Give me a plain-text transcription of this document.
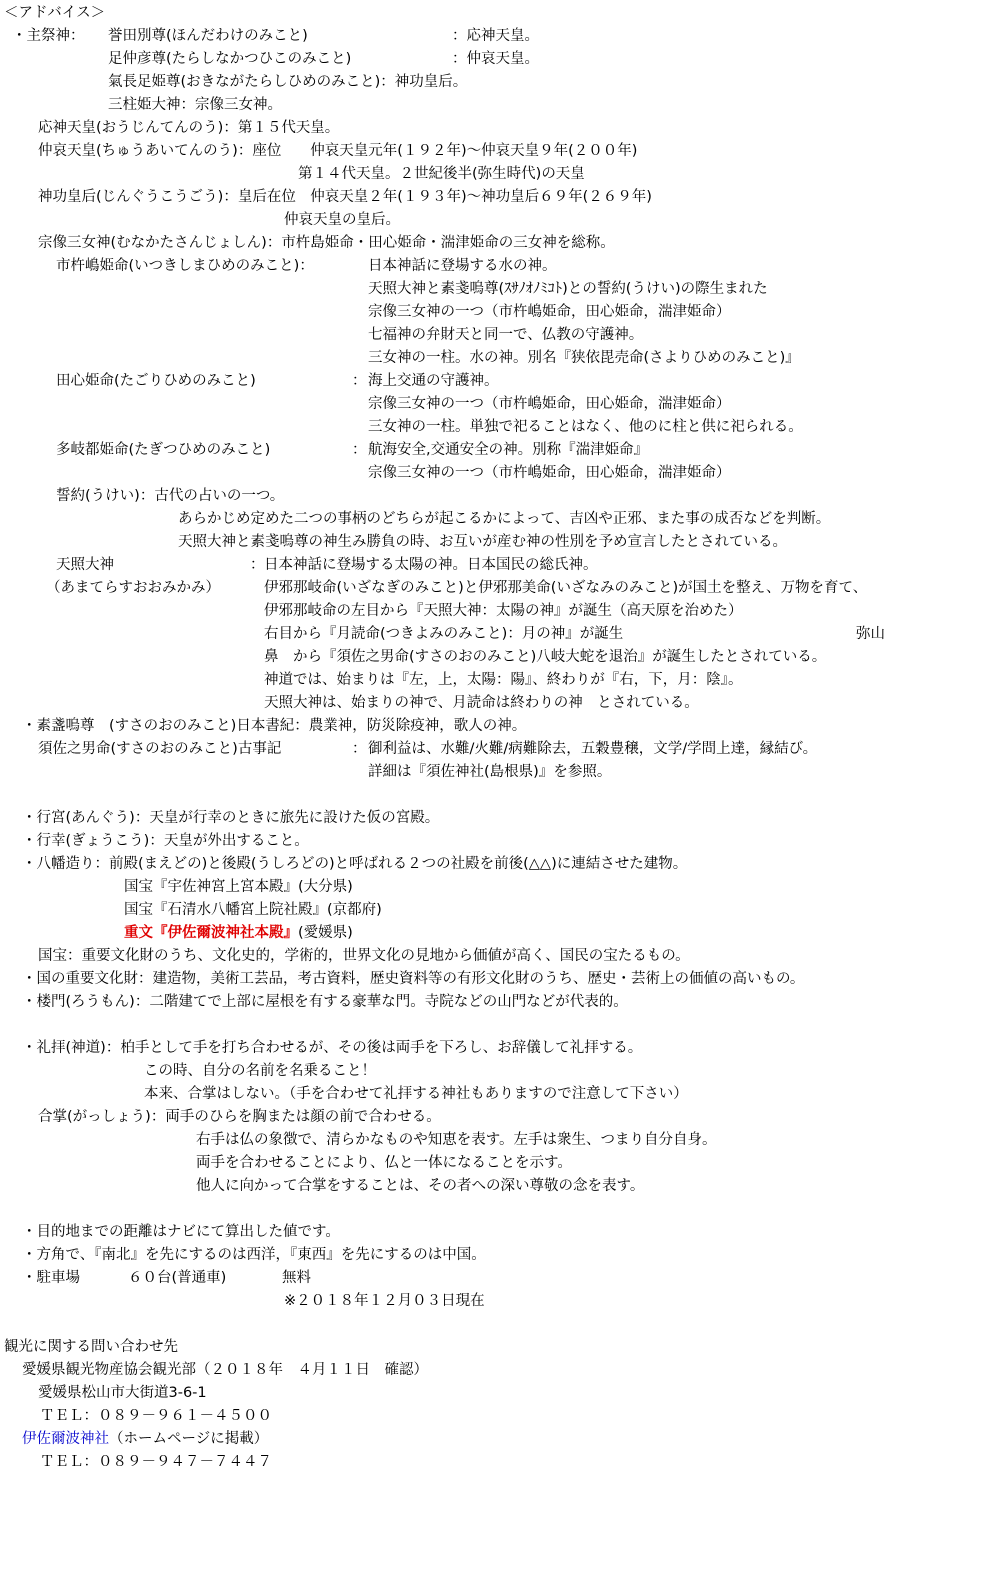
＜アドバイス＞
・主祭神： 誉田別尊(ほんだわけのみこと)	：応神天皇。
足仲彦尊(たらしなかつひこのみこと)	：仲哀天皇。
氣長足姫尊(おきながたらしひめのみこと)：神功皇后。
三柱姫大神：宗像三女神。
応神天皇(おうじんてんのう)：第１５代天皇。
仲哀天皇(ちゅうあいてんのう)：座位　　仲哀天皇元年(１９２年)～仲哀天皇９年(２００年)
第１４代天皇。２世紀後半(弥生時代)の天皇
神功皇后(じんぐうこうごう)：皇后在位　仲哀天皇２年(１９３年)～神功皇后６９年(２６９年)
仲哀天皇の皇后。
宗像三女神(むなかたさんじょしん)：市杵島姫命・田心姫命・湍津姫命の三女神を総称。
市杵嶋姫命(いつきしまひめのみこと)：	日本神話に登場する水の神。
天照大神と素戔嗚尊(ｽｻﾉｵﾉﾐｺﾄ)との誓約(うけい)の際生まれた
宗像三女神の一つ（市杵嶋姫命，田心姫命，湍津姫命）
七福神の弁財天と同一で、仏教の守護神。
三女神の一柱。水の神。別名『狭依毘売命(さよりひめのみこと)』
田心姫命(たごりひめのみこと)	： 海上交通の守護神。
宗像三女神の一つ（市杵嶋姫命，田心姫命，湍津姫命）
三女神の一柱。単独で祀ることはなく、他のに柱と供に祀られる。
多岐都姫命(たぎつひめのみこと)	： 航海安全,交通安全の神。別称『湍津姫命』
宗像三女神の一つ（市杵嶋姫命，田心姫命，湍津姫命）
誓約(うけい)：古代の占いの一つ。
あらかじめ定めた二つの事柄のどちらが起こるかによって、吉凶や正邪、また事の成否などを判断。
天照大神と素戔嗚尊の神生み勝負の時、お互いが産む神の性別を予め宣言したとされている。
天照大神	： 日本神話に登場する太陽の神。日本国民の総氏神。
（あまてらすおおみかみ）	伊邪那岐命(いざなぎのみこと)と伊邪那美命(いざなみのみこと)が国土を整え、万物を育て、
伊邪那岐命の左目から『天照大神：太陽の神』が誕生（高天原を治めた）
右目から『月読命(つきよみのみこと)：月の神』が誕生	弥山
鼻　から『須佐之男命(すさのおのみこと)八岐大蛇を退治』が誕生したとされている。
神道では、始まりは『左，上，太陽：陽』、終わりが『右，下，月：陰』。
天照大神は、始まりの神で、月読命は終わりの神　とされている。
・素盞嗚尊　(すさのおのみこと)日本書紀：農業神，防災除疫神，歌人の神。
須佐之男命(すさのおのみこと)古事記	： 御利益は、水難/火難/病難除去，五穀豊穣，文学/学問上達，縁結び。
詳細は『須佐神社(島根県)』を参照。
・行宮(あんぐう)：天皇が行幸のときに旅先に設けた仮の宮殿。
・行幸(ぎょうこう)：天皇が外出すること。
・八幡造り：前殿(まえどの)と後殿(うしろどの)と呼ばれる２つの社殿を前後(△△)に連結させた建物。
国宝『宇佐神宮上宮本殿』(大分県)
国宝『石清水八幡宮上院社殿』(京都府)
重文『伊佐爾波神社本殿』(愛媛県)
国宝：重要文化財のうち、文化史的，学術的，世界文化の見地から価値が高く、国民の宝たるもの。
・国の重要文化財：建造物，美術工芸品，考古資料，歴史資料等の有形文化財のうち、歴史・芸術上の価値の高いもの。
・楼門(ろうもん)：二階建てで上部に屋根を有する豪華な門。寺院などの山門などが代表的。
・礼拝(神道)：柏手として手を打ち合わせるが、その後は両手を下ろし、お辞儀して礼拝する。
この時、自分の名前を名乗ること！
本来、合掌はしない。（手を合わせて礼拝する神社もありますので注意して下さい）
合掌(がっしょう)：両手のひらを胸または顔の前で合わせる。
右手は仏の象徴で、清らかなものや知恵を表す。左手は衆生、つまり自分自身。
両手を合わせることにより、仏と一体になることを示す。
他人に向かって合掌をすることは、その者への深い尊敬の念を表す。
・目的地までの距離はナビにて算出した値です。
・方角で、『南北』を先にするのは西洋，『東西』を先にするのは中国。
・駐車場	６０台(普通車)	無料
※２０１８年１２月０３日現在
観光に関する問い合わせ先
愛媛県観光物産協会観光部（２０１８年　４月１１日　確認）
愛媛県松山市大街道3-6-1
ＴＥＬ：０８９－９６１－４５００
伊佐爾波神社（ホームページに掲載）
ＴＥＬ：０８９－９４７－７４４７
